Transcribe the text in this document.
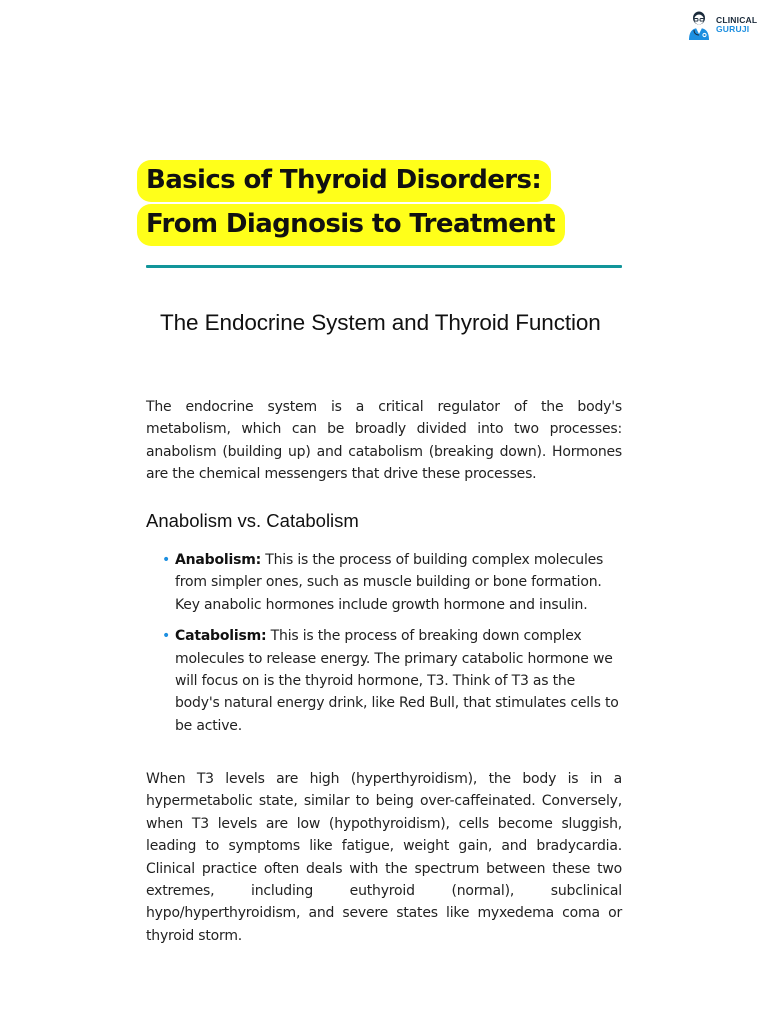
CLINICAL
GURUJI
Basics of Thyroid Disorders:
From Diagnosis to Treatment
The Endocrine System and Thyroid Function

The endocrine system is a critical regulator of the body's metabolism, which can be broadly divided into two processes: anabolism (building up) and catabolism (breaking down). Hormones are the chemical messengers that drive these processes.

Anabolism vs. Catabolism
• Anabolism: This is the process of building complex molecules from simpler ones, such as muscle building or bone formation. Key anabolic hormones include growth hormone and insulin.
• Catabolism: This is the process of breaking down complex molecules to release energy. The primary catabolic hormone we will focus on is the thyroid hormone, T3. Think of T3 as the body's natural energy drink, like Red Bull, that stimulates cells to be active.

When T3 levels are high (hyperthyroidism), the body is in a hypermetabolic state, similar to being over-caffeinated. Conversely, when T3 levels are low (hypothyroidism), cells become sluggish, leading to symptoms like fatigue, weight gain, and bradycardia. Clinical practice often deals with the spectrum between these two extremes, including euthyroid (normal), subclinical hypo/hyperthyroidism, and severe states like myxedema coma or thyroid storm.
